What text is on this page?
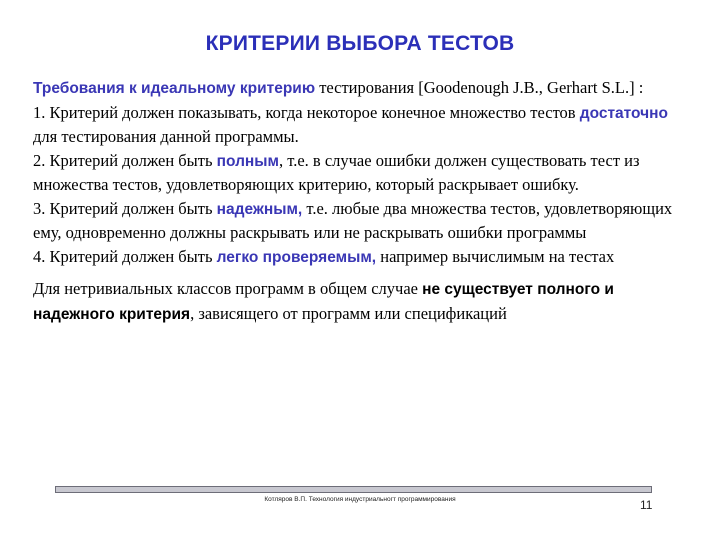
КРИТЕРИИ ВЫБОРА ТЕСТОВ

Требования к идеальному критерию тестирования [Goodenough J.B., Gerhart S.L.] :

1. Критерий должен показывать, когда некоторое конечное множество тестов достаточно для тестирования данной программы.

2. Критерий должен быть полным, т.е. в случае ошибки должен существовать тест из множества тестов, удовлетворяющих критерию, который раскрывает ошибку.

3. Критерий должен быть надежным, т.е. любые два множества тестов, удовлетворяющих ему, одновременно должны раскрывать или не раскрывать ошибки программы

4. Критерий должен быть легко проверяемым, например вычислимым на тестах

Для нетривиальных классов программ в общем случае не существует полного и надежного критерия, зависящего от программ или спецификаций

Котляров В.П. Технология индустриальногт программирования	11
